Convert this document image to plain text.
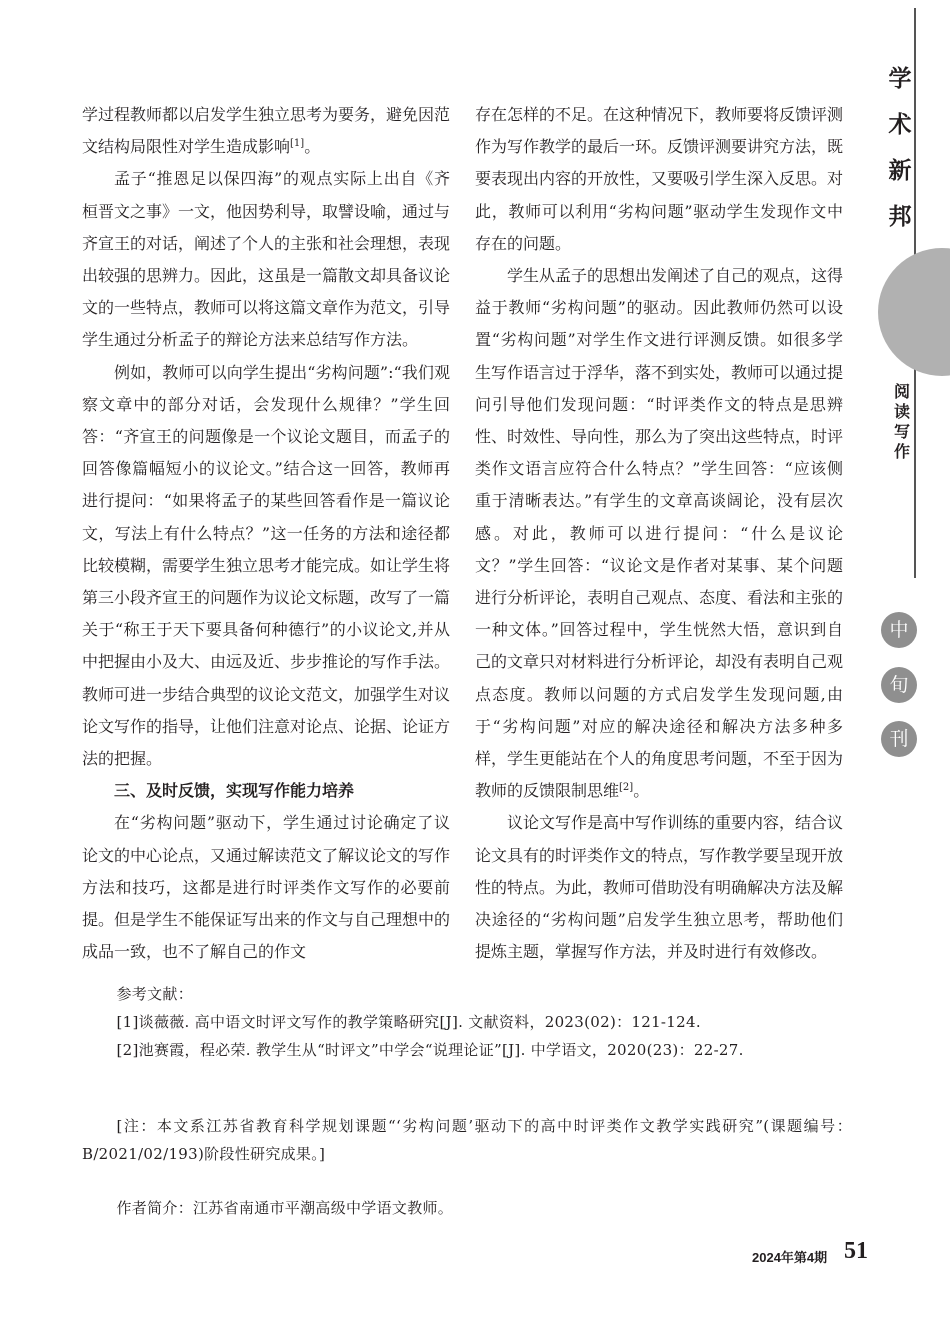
学过程教师都以启发学生独立思考为要务，避免因范文结构局限性对学生造成影响[1]。

孟子“推恩足以保四海”的观点实际上出自《齐桓晋文之事》一文，他因势利导，取譬设喻，通过与齐宣王的对话，阐述了个人的主张和社会理想，表现出较强的思辨力。因此，这虽是一篇散文却具备议论文的一些特点，教师可以将这篇文章作为范文，引导学生通过分析孟子的辩论方法来总结写作方法。

例如，教师可以向学生提出“劣构问题”:“我们观察文章中的部分对话，会发现什么规律？”学生回答：“齐宣王的问题像是一个议论文题目，而孟子的回答像篇幅短小的议论文。”结合这一回答，教师再进行提问：“如果将孟子的某些回答看作是一篇议论文，写法上有什么特点？”这一任务的方法和途径都比较模糊，需要学生独立思考才能完成。如让学生将第三小段齐宣王的问题作为议论文标题，改写了一篇关于“称王于天下要具备何种德行”的小议论文,并从中把握由小及大、由远及近、步步推论的写作手法。教师可进一步结合典型的议论文范文，加强学生对议论文写作的指导，让他们注意对论点、论据、论证方法的把握。

三、及时反馈，实现写作能力培养

在“劣构问题”驱动下，学生通过讨论确定了议论文的中心论点，又通过解读范文了解议论文的写作方法和技巧，这都是进行时评类作文写作的必要前提。但是学生不能保证写出来的作文与自己理想中的成品一致，也不了解自己的作文

存在怎样的不足。在这种情况下，教师要将反馈评测作为写作教学的最后一环。反馈评测要讲究方法，既要表现出内容的开放性，又要吸引学生深入反思。对此，教师可以利用“劣构问题”驱动学生发现作文中存在的问题。

学生从孟子的思想出发阐述了自己的观点，这得益于教师“劣构问题”的驱动。因此教师仍然可以设置“劣构问题”对学生作文进行评测反馈。如很多学生写作语言过于浮华，落不到实处，教师可以通过提问引导他们发现问题：“时评类作文的特点是思辨性、时效性、导向性，那么为了突出这些特点，时评类作文语言应符合什么特点？”学生回答：“应该侧重于清晰表达。”有学生的文章高谈阔论，没有层次感。对此，教师可以进行提问：“什么是议论文？”学生回答：“议论文是作者对某事、某个问题进行分析评论，表明自己观点、态度、看法和主张的一种文体。”回答过程中，学生恍然大悟，意识到自己的文章只对材料进行分析评论，却没有表明自己观点态度。教师以问题的方式启发学生发现问题,由于“劣构问题”对应的解决途径和解决方法多种多样，学生更能站在个人的角度思考问题，不至于因为教师的反馈限制思维[2]。

议论文写作是高中写作训练的重要内容，结合议论文具有的时评类作文的特点，写作教学要呈现开放性的特点。为此，教师可借助没有明确解决方法及解决途径的“劣构问题”启发学生独立思考，帮助他们提炼主题，掌握写作方法，并及时进行有效修改。

参考文献：

[1]谈薇薇. 高中语文时评文写作的教学策略研究[J]. 文献资料，2023(02)：121-124.

[2]池赛霞，程必荣. 教学生从“时评文”中学会“说理论证”[J]. 中学语文，2020(23)：22-27.

[注：本文系江苏省教育科学规划课题“‘劣构问题’驱动下的高中时评类作文教学实践研究”(课题编号：B/2021/02/193)阶段性研究成果。]

作者简介：江苏省南通市平潮高级中学语文教师。

学
术
新
邦
阅
读
写
作
中
旬
刊
2024年第4期 51
